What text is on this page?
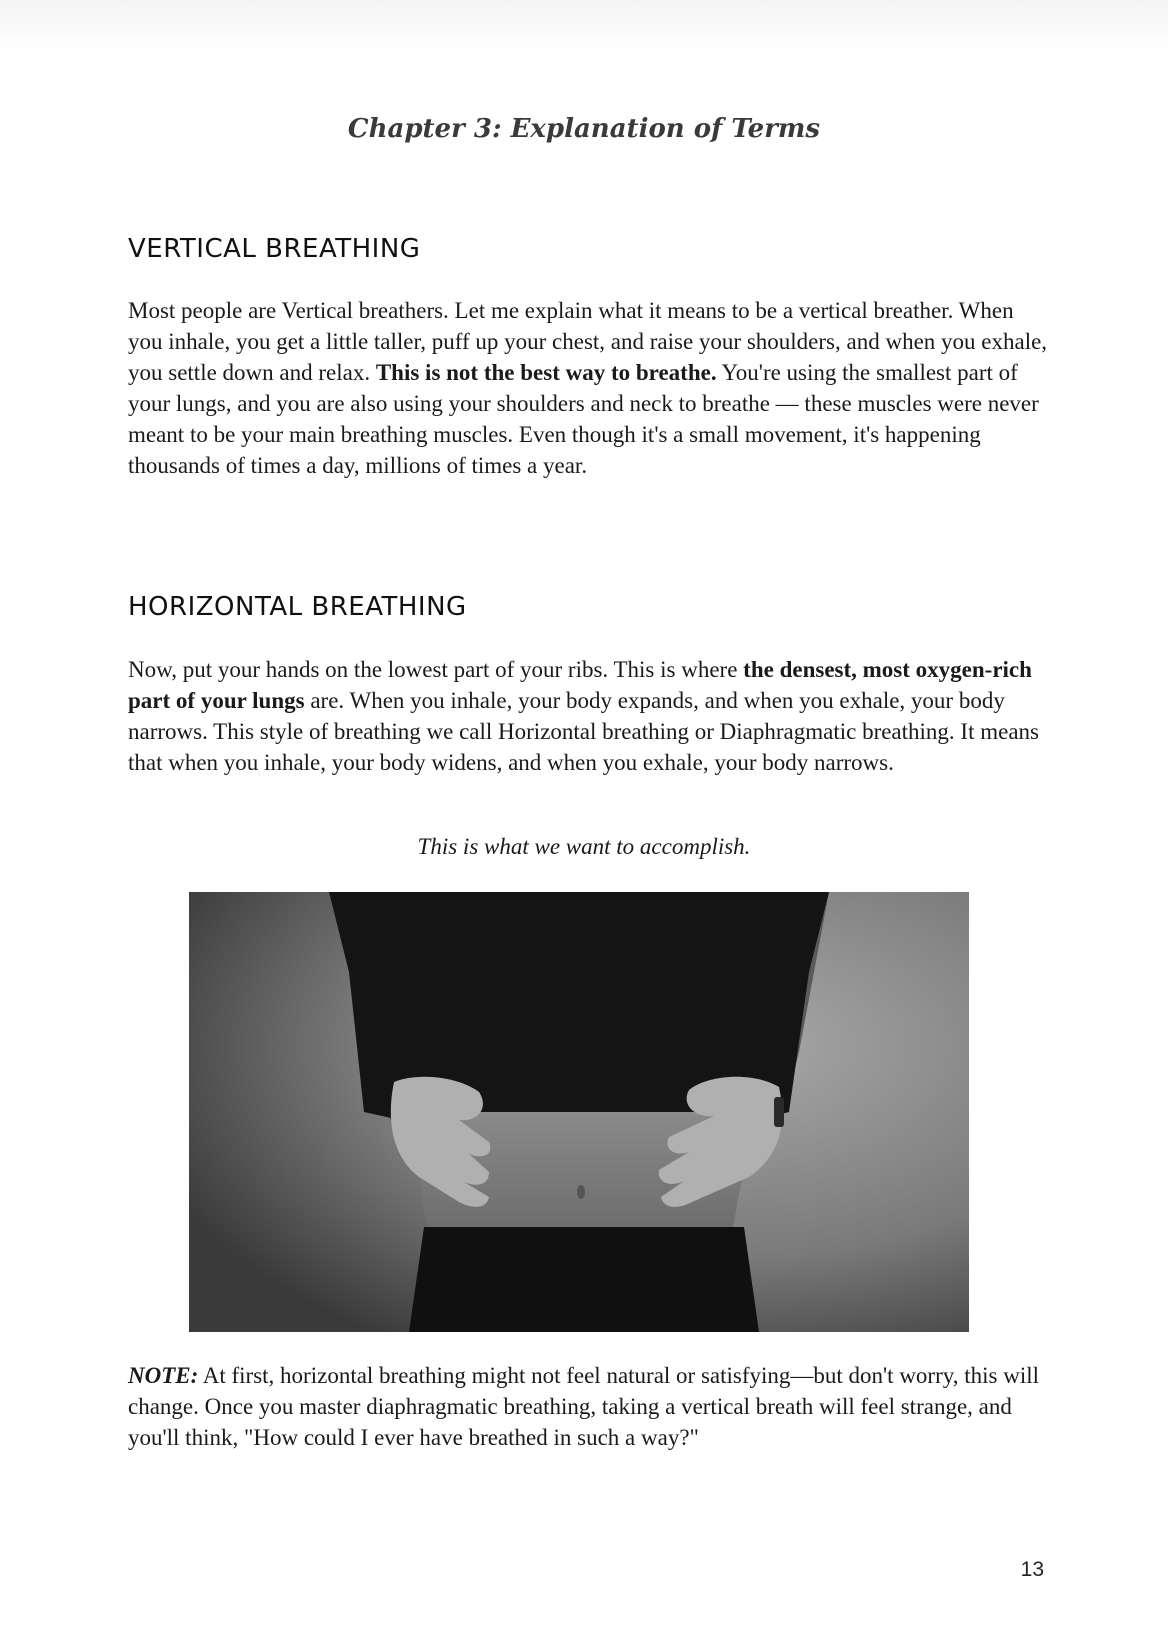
Chapter 3: Explanation of Terms
VERTICAL BREATHING

Most people are Vertical breathers. Let me explain what it means to be a vertical breather. When you inhale, you get a little taller, puff up your chest, and raise your shoulders, and when you exhale, you settle down and relax. This is not the best way to breathe. You're using the smallest part of your lungs, and you are also using your shoulders and neck to breathe — these muscles were never meant to be your main breathing muscles. Even though it's a small movement, it's happening thousands of times a day, millions of times a year.

HORIZONTAL BREATHING

Now, put your hands on the lowest part of your ribs. This is where the densest, most oxygen-rich part of your lungs are. When you inhale, your body expands, and when you exhale, your body narrows. This style of breathing we call Horizontal breathing or Diaphragmatic breathing. It means that when you inhale, your body widens, and when you exhale, your body narrows.

This is what we want to accomplish.

NOTE: At first, horizontal breathing might not feel natural or satisfying—but don't worry, this will change. Once you master diaphragmatic breathing, taking a vertical breath will feel strange, and you'll think, "How could I ever have breathed in such a way?"

13
